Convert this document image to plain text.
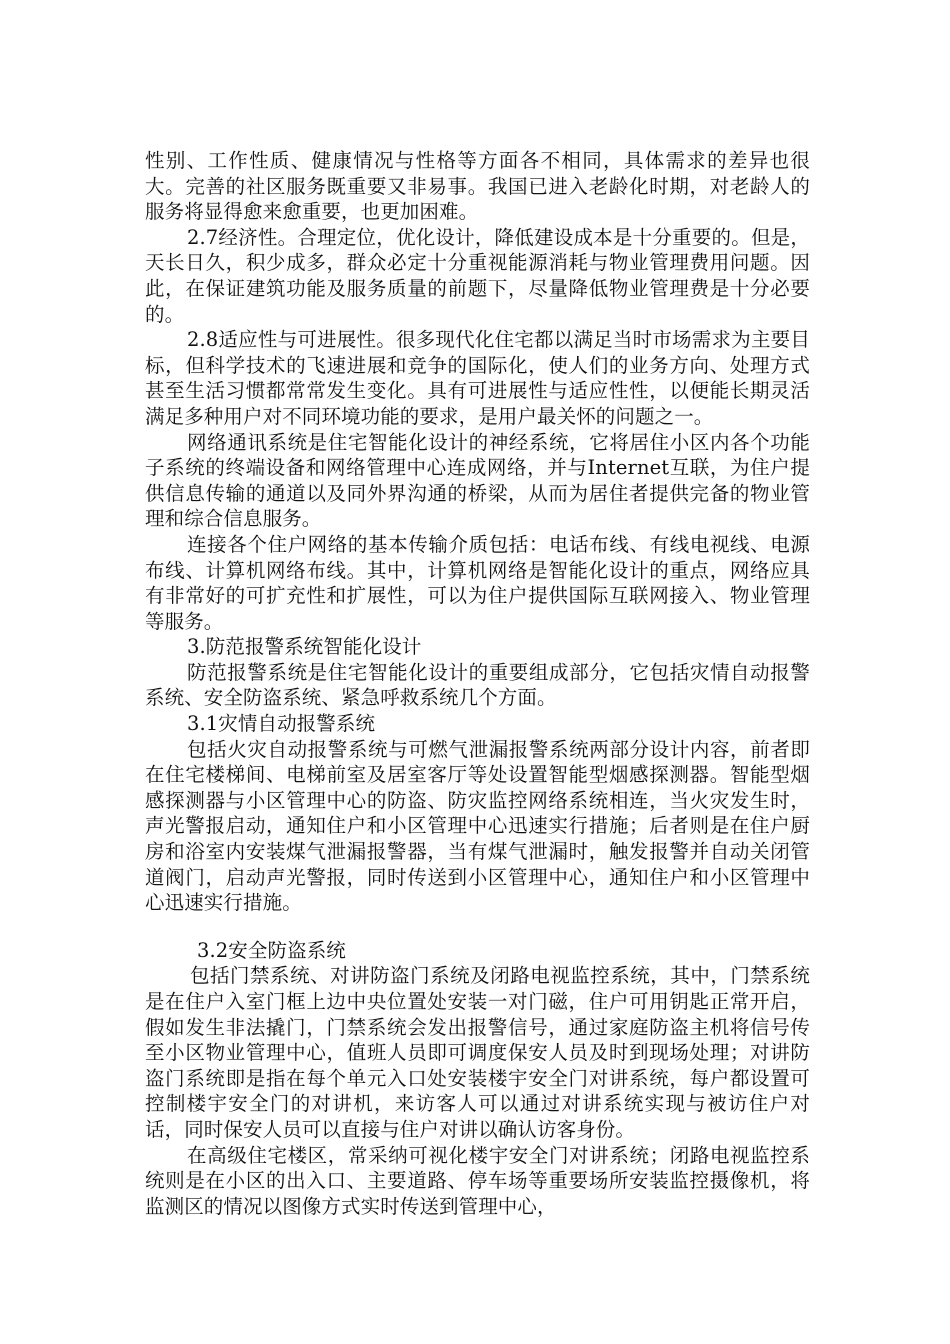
性别、工作性质、健康情况与性格等方面各不相同，具体需求的差异也很大。完善的社区服务既重要又非易事。我国已进入老龄化时期，对老龄人的服务将显得愈来愈重要，也更加困难。

2.7经济性。合理定位，优化设计，降低建设成本是十分重要的。但是，天长日久，积少成多，群众必定十分重视能源消耗与物业管理费用问题。因此，在保证建筑功能及服务质量的前题下，尽量降低物业管理费是十分必要的。

2.8适应性与可进展性。很多现代化住宅都以满足当时市场需求为主要目标，但科学技术的飞速进展和竞争的国际化，使人们的业务方向、处理方式甚至生活习惯都常常发生变化。具有可进展性与适应性性，以便能长期灵活满足多种用户对不同环境功能的要求，是用户最关怀的问题之一。

网络通讯系统是住宅智能化设计的神经系统，它将居住小区内各个功能子系统的终端设备和网络管理中心连成网络，并与Internet互联，为住户提供信息传输的通道以及同外界沟通的桥梁，从而为居住者提供完备的物业管理和综合信息服务。

连接各个住户网络的基本传输介质包括：电话布线、有线电视线、电源布线、计算机网络布线。其中，计算机网络是智能化设计的重点，网络应具有非常好的可扩充性和扩展性，可以为住户提供国际互联网接入、物业管理等服务。

3.防范报警系统智能化设计

防范报警系统是住宅智能化设计的重要组成部分，它包括灾情自动报警系统、安全防盗系统、紧急呼救系统几个方面。

3.1灾情自动报警系统

包括火灾自动报警系统与可燃气泄漏报警系统两部分设计内容，前者即在住宅楼梯间、电梯前室及居室客厅等处设置智能型烟感探测器。智能型烟感探测器与小区管理中心的防盗、防灾监控网络系统相连，当火灾发生时，声光警报启动，通知住户和小区管理中心迅速实行措施；后者则是在住户厨房和浴室内安装煤气泄漏报警器，当有煤气泄漏时，触发报警并自动关闭管道阀门，启动声光警报，同时传送到小区管理中心，通知住户和小区管理中心迅速实行措施。

3.2安全防盗系统

包括门禁系统、对讲防盗门系统及闭路电视监控系统，其中，门禁系统是在住户入室门框上边中央位置处安装一对门磁，住户可用钥匙正常开启，假如发生非法撬门，门禁系统会发出报警信号，通过家庭防盗主机将信号传至小区物业管理中心，值班人员即可调度保安人员及时到现场处理；对讲防盗门系统即是指在每个单元入口处安装楼宇安全门对讲系统，每户都设置可控制楼宇安全门的对讲机，来访客人可以通过对讲系统实现与被访住户对话，同时保安人员可以直接与住户对讲以确认访客身份。

在高级住宅楼区，常采纳可视化楼宇安全门对讲系统；闭路电视监控系统则是在小区的出入口、主要道路、停车场等重要场所安装监控摄像机，将监测区的情况以图像方式实时传送到管理中心，
